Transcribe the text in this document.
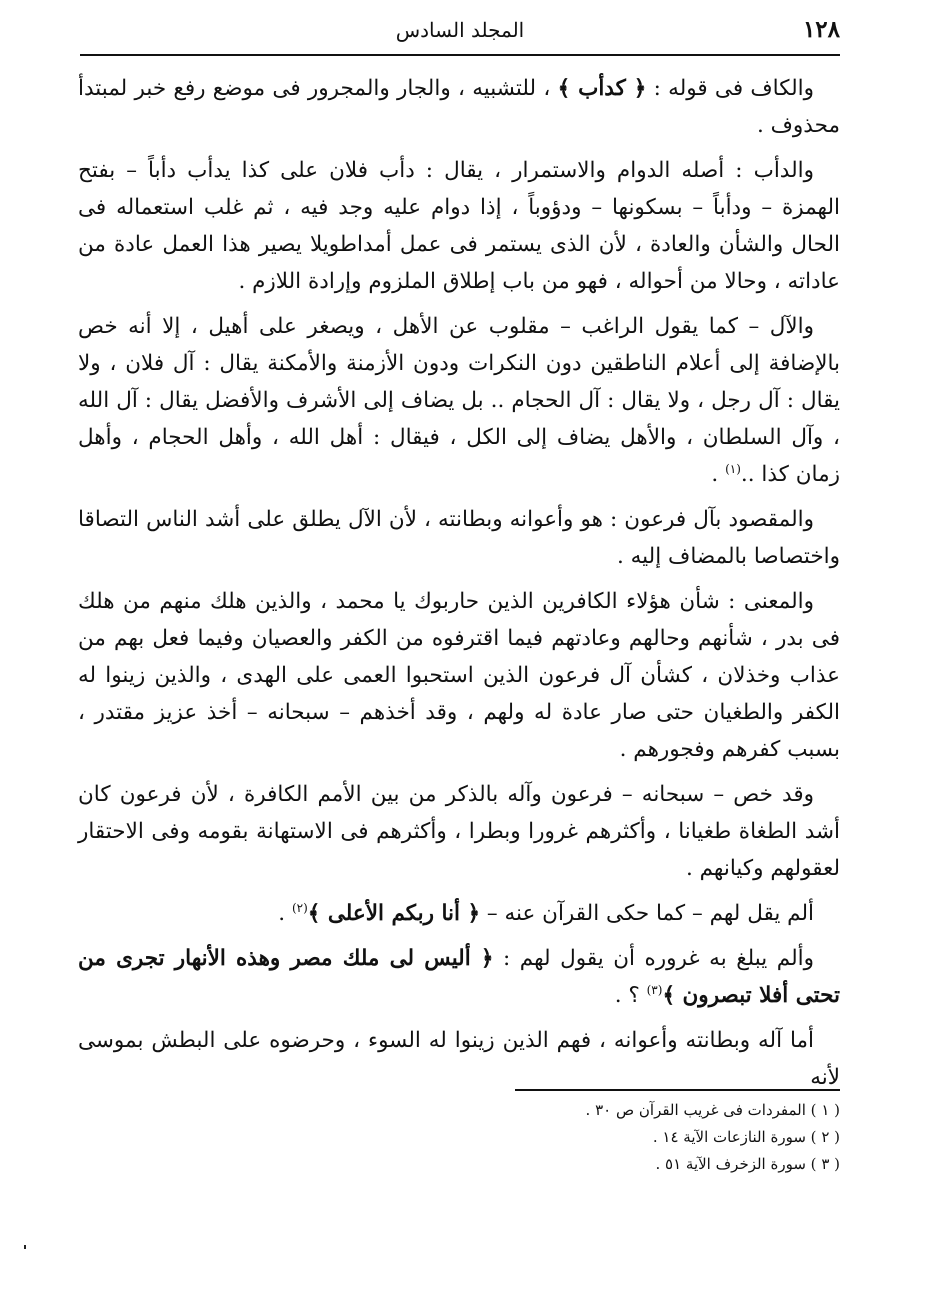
١٢٨
المجلد السادس

والكاف فى قوله : ﴿ كدأب ﴾ ، للتشبيه ، والجار والمجرور فى موضع رفع خبر لمبتدأ محذوف .

والدأب : أصله الدوام والاستمرار ، يقال : دأب فلان على كذا يدأب دأباً – بفتح الهمزة – ودأباً – بسكونها – ودؤوباً ، إذا دوام عليه وجد فيه ، ثم غلب استعماله فى الحال والشأن والعادة ، لأن الذى يستمر فى عمل أمداطويلا يصير هذا العمل عادة من عاداته ، وحالا من أحواله ، فهو من باب إطلاق الملزوم وإرادة اللازم .

والآل – كما يقول الراغب – مقلوب عن الأهل ، ويصغر على أهيل ، إلا أنه خص بالإضافة إلى أعلام الناطقين دون النكرات ودون الأزمنة والأمكنة يقال : آل فلان ، ولا يقال : آل رجل ، ولا يقال : آل الحجام .. بل يضاف إلى الأشرف والأفضل يقال : آل الله ، وآل السلطان ، والأهل يضاف إلى الكل ، فيقال : أهل الله ، وأهل الحجام ، وأهل زمان كذا ..$^{(١)}$ .

والمقصود بآل فرعون : هو وأعوانه وبطانته ، لأن الآل يطلق على أشد الناس التصاقا واختصاصا بالمضاف إليه .

والمعنى : شأن هؤلاء الكافرين الذين حاربوك يا محمد ، والذين هلك منهم من هلك فى بدر ، شأنهم وحالهم وعادتهم فيما اقترفوه من الكفر والعصيان وفيما فعل بهم من عذاب وخذلان ، كشأن آل فرعون الذين استحبوا العمى على الهدى ، والذين زينوا له الكفر والطغيان حتى صار عادة له ولهم ، وقد أخذهم – سبحانه – أخذ عزيز مقتدر ، بسبب كفرهم وفجورهم .

وقد خص – سبحانه – فرعون وآله بالذكر من بين الأمم الكافرة ، لأن فرعون كان أشد الطغاة طغيانا ، وأكثرهم غرورا وبطرا ، وأكثرهم فى الاستهانة بقومه وفى الاحتقار لعقولهم وكيانهم .

ألم يقل لهم – كما حكى القرآن عنه – ﴿ أنا ربكم الأعلى ﴾$^{(٢)}$ .

وألم يبلغ به غروره أن يقول لهم : ﴿ أليس لى ملك مصر وهذه الأنهار تجرى من تحتى أفلا تبصرون ﴾$^{(٣)}$ ؟ .

أما آله وبطانته وأعوانه ، فهم الذين زينوا له السوء ، وحرضوه على البطش بموسى لأنه

( ١ ) المفردات فى غريب القرآن ص ٣٠ .
( ٢ ) سورة النازعات الآية ١٤ .
( ٣ ) سورة الزخرف الآية ٥١ .
